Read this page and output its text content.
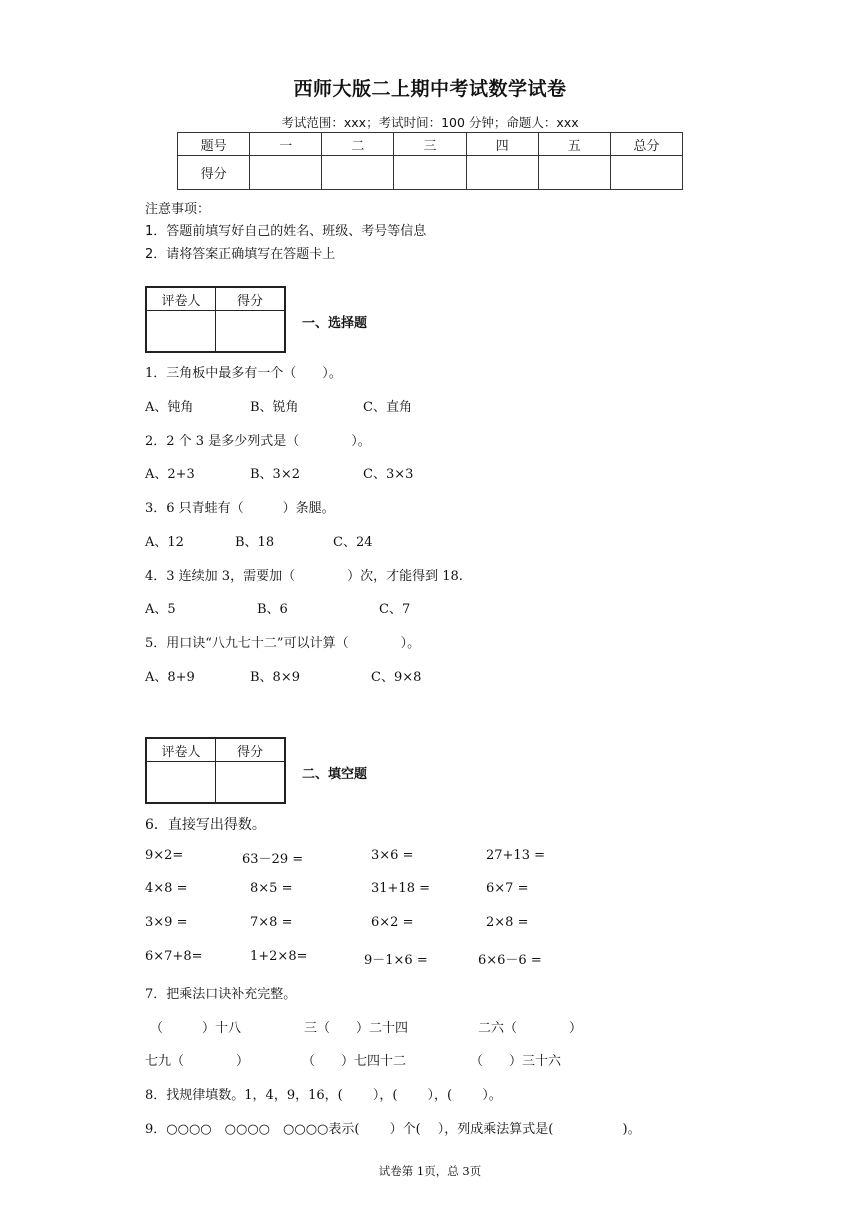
西师大版二上期中考试数学试卷
考试范围：xxx；考试时间：100 分钟；命题人：xxx
题号	一	二	三	四	五	总分
得分						
注意事项：
1．答题前填写好自己的姓名、班级、考号等信息
2．请将答案正确填写在答题卡上
评卷人	得分

一、选择题
1．三角板中最多有一个（　　）。
A、钝角	B、锐角	C、直角
2．2 个 3 是多少列式是（　　　　）。
A、2+3	B、3×2	C、3×3
3．6 只青蛙有（　　　）条腿。
A、12	B、18	C、24
4．3 连续加 3，需要加（　　　　）次，才能得到 18.
A、5	B、6	C、7
5．用口诀“八九七十二”可以计算（　　　　）。
A、8+9	B、8×9	C、9×8
评卷人	得分

二、填空题
6．直接写出得数。
9×2=	63－29 =	3×6 =	27+13 =
4×8 =	8×5 =	31+18 =	6×7 =
3×9 =	7×8 =	6×2 =	2×8 =
6×7+8=	1+2×8=	9－1×6 =	6×6－6 =
7．把乘法口诀补充完整。
（　　　）十八	三（　　）二十四	二六（　　　　）
七九（　　　　）	（　　）七四十二	（　　）三十六
8．找规律填数。1，4，9，16，(　　 ），(　　 ），(　　 ）。
9．○○○○　○○○○　○○○○表示(　　 ）个(　 ），列成乘法算式是(　　　　　 )。
试卷第 1页，总 3页
